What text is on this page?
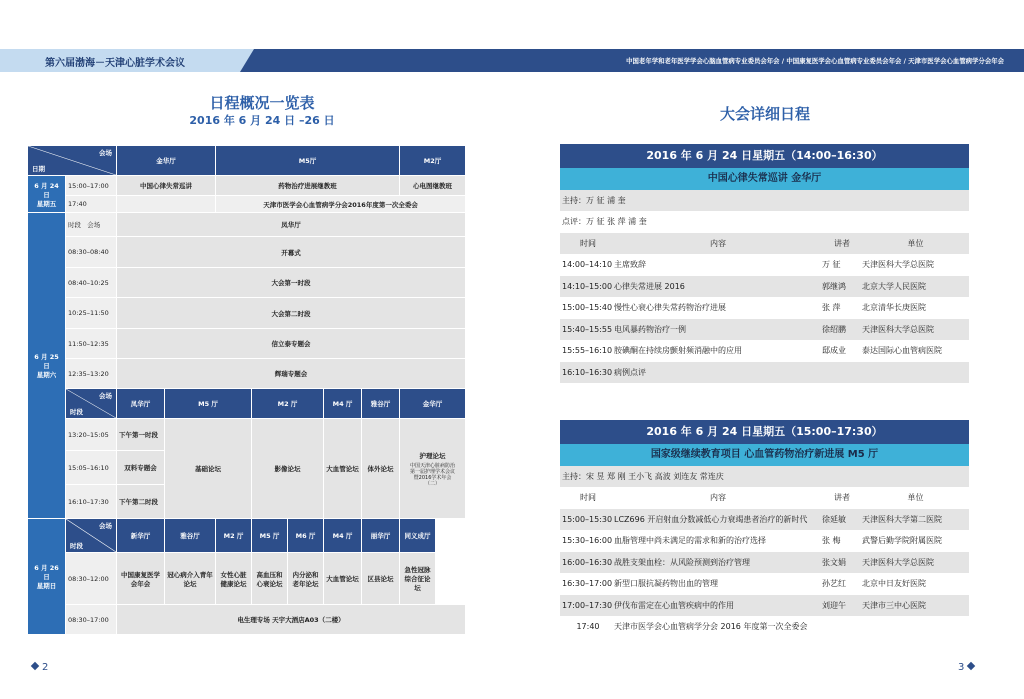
第六届渤海－天津心脏学术会议	中国老年学和老年医学学会心脑血管病专业委员会年会 / 中国康复医学会心血管病专业委员会年会 / 天津市医学会心血管病学分会年会
日程概况一览表
2016 年 6 月 24 日 –26 日
会场
日期		金华厅		M5厅					M2厅
6 月 24 日
星期五	15:00–17:00	中国心律失常巡讲		药物治疗进展继教班					心电图继教班
	17:40			天津市医学会心血管病学分会2016年度第一次全委会					
6 月 25 日
星期六	时段 会场	凤华厅							
	08:30–08:40	开幕式							
	08:40–10:25	大会第一时段							
	10:25–11:50	大会第二时段							
	11:50–12:35	信立泰专题会							
	12:35–13:20	辉瑞专题会							

	会场
时段	凤华厅	M5 厅		M2 厅		M4 厅	雅谷厅	金华厅
	13:20–15:05	下午第一时段	基础论坛		影像论坛		大血管论坛	体外论坛	护理论坛
中国天津心脏病防治第一届护理学术会议暨2016学术年会（二）

	15:05–16:10	双料专题会							
	16:10–17:30	下午第二时段							
6 月 26 日
星期日	会场
时段	新华厅	雅谷厅	M2 厅	M5 厅	M6 厅	M4 厅	丽华厅	同义成厅
	08:30–12:00	中国康复医学会年会	冠心病介入青年论坛	女性心脏健康论坛	高血压和心衰论坛	内分泌和老年论坛	大血管论坛	区县论坛	急性冠脉综合征论坛
	08:30–17:00	电生理专场 天宇大酒店A03（二楼）							
大会详细日程
2016 年 6 月 24 日星期五（14:00–16:30）
中国心律失常巡讲 金华厅
主持：万 征 浦 奎
点评：万 征 张 萍 浦 奎
时间	内容	讲者	单位
14:00–14:10 主席致辞	万 征	天津医科大学总医院
14:10–15:00 心律失常进展 2016	郭继鸿	北京大学人民医院
15:00–15:40 慢性心衰心律失常药物治疗进展	张 萍	北京清华长庚医院
15:40–15:55 电风暴药物治疗一例	徐绍鹏	天津医科大学总医院
15:55–16:10 胺碘酮在持续房颤射频消融中的应用	邸成业	泰达国际心血管病医院
16:10–16:30 病例点评
2016 年 6 月 24 日星期五（15:00–17:30）
国家级继续教育项目 心血管药物治疗新进展 M5 厅
主持：宋 昱 郑 刚 王小飞 高波 刘连友 常连庆
时间	内容	讲者	单位
15:00–15:30 LCZ696 开启射血分数减低心力衰竭患者治疗的新时代	徐延敏	天津医科大学第二医院
15:30–16:00 血脂管理中尚未满足的需求和新的治疗选择	张 梅	武警后勤学院附属医院
16:00–16:30 战胜支架血栓：从风险预测到治疗管理	张文娟	天津医科大学总医院
16:30–17:00 新型口服抗凝药物出血的管理	孙艺红	北京中日友好医院
17:00–17:30 伊伐布雷定在心血管疾病中的作用	刘迎午	天津市三中心医院
17:40	天津市医学会心血管病学分会 2016 年度第一次全委会
2	3
